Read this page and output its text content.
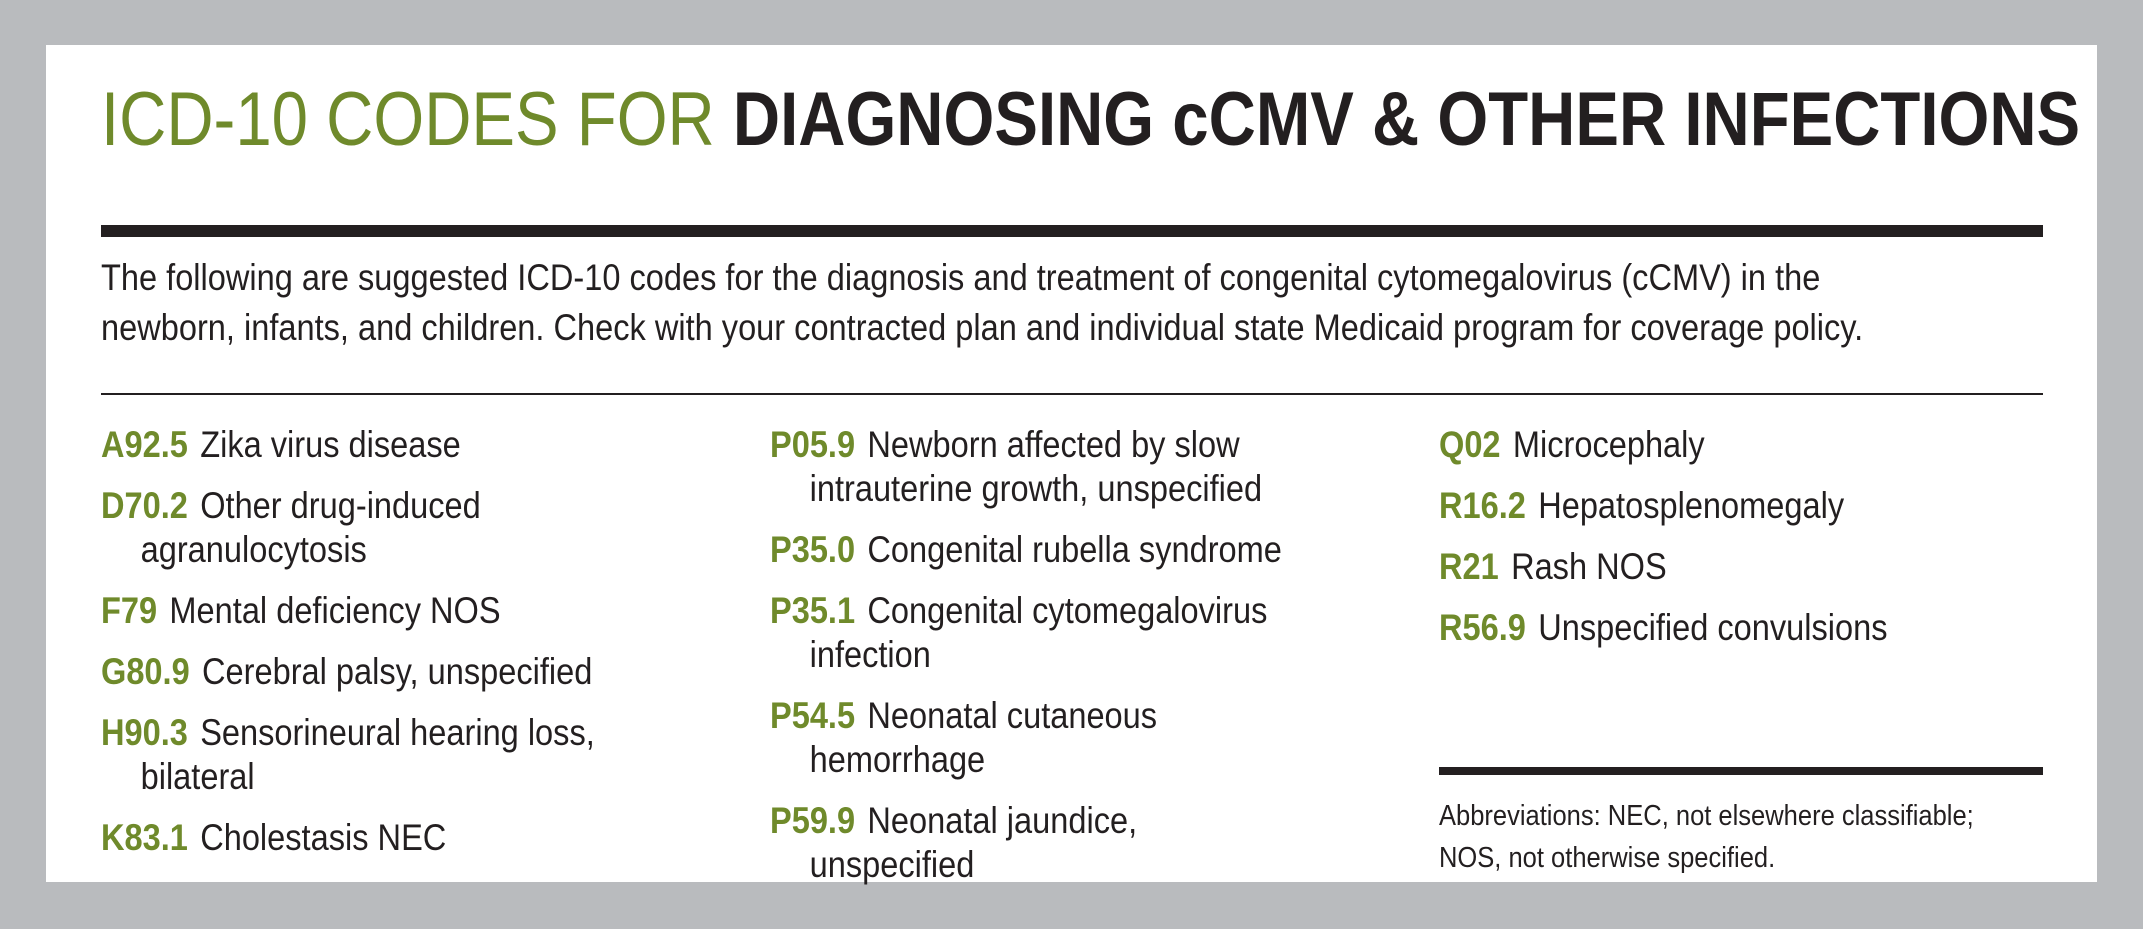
ICD-10 CODES FOR DIAGNOSING cCMV & OTHER INFECTIONS

The following are suggested ICD-10 codes for the diagnosis and treatment of congenital cytomegalovirus (cCMV) in the

newborn, infants, and children. Check with your contracted plan and individual state Medicaid program for coverage policy.

A92.5 Zika virus disease
D70.2 Other drug-induced
agranulocytosis
F79 Mental deficiency NOS
G80.9 Cerebral palsy, unspecified
H90.3 Sensorineural hearing loss,
bilateral
K83.1 Cholestasis NEC
P05.9 Newborn affected by slow
intrauterine growth, unspecified
P35.0 Congenital rubella syndrome
P35.1 Congenital cytomegalovirus
infection
P54.5 Neonatal cutaneous
hemorrhage
P59.9 Neonatal jaundice,
unspecified
Q02 Microcephaly
R16.2 Hepatosplenomegaly
R21 Rash NOS
R56.9 Unspecified convulsions

Abbreviations: NEC, not elsewhere classifiable;

NOS, not otherwise specified.
